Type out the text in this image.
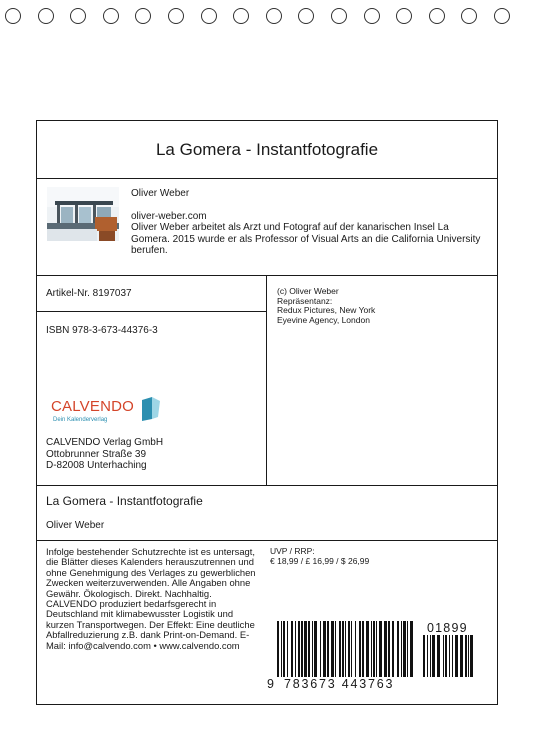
La Gomera - Instantfotografie
Oliver Weber
oliver-weber.com
Oliver Weber arbeitet als Arzt und Fotograf auf der kanarischen Insel La Gomera. 2015 wurde er als Professor of Visual Arts an die California University berufen.
Artikel-Nr. 8197037
ISBN 978-3-673-44376-3
CALVENDO
Dein Kalenderverlag
CALVENDO Verlag GmbH
Ottobrunner Straße 39
D-82008 Unterhaching
(c) Oliver Weber
Repräsentanz:
Redux Pictures, New York
Eyevine Agency, London
La Gomera - Instantfotografie
Oliver Weber
Infolge bestehender Schutzrechte ist es untersagt, die Blätter dieses Kalenders herauszutrennen und ohne Genehmigung des Verlages zu gewerblichen Zwecken weiterzuverwenden. Alle Angaben ohne Gewähr. Ökologisch. Direkt. Nachhaltig. CALVENDO produziert bedarfsgerecht in Deutschland mit klimabewusster Logistik und kurzen Transportwegen. Der Effekt: Eine deutliche Abfallreduzierung z.B. dank Print-on-Demand. E-Mail: info@calvendo.com • www.calvendo.com
UVP / RRP:
€ 18,99 / £ 16,99 / $ 26,99
01899
9 783673 443763
